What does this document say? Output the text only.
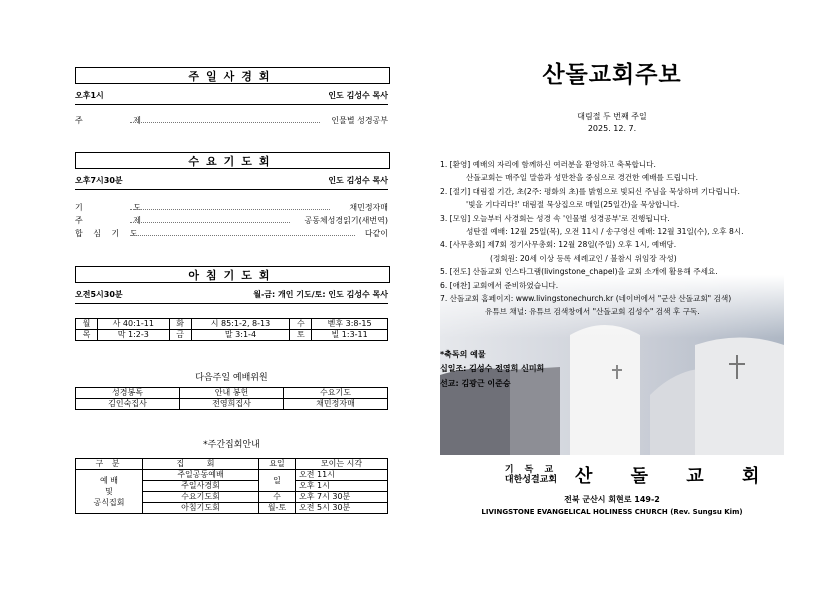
주일사경회
오후1시	인도 김성수 목사
주 제	인물별 성경공부
수요기도회
오후7시30분	인도 김성수 목사
기 도	채민정자매
주 제	공동체성경읽기(새번역)
합 심 기 도	다같이
아침기도회
오전5시30분	월-금: 개인 기도/토: 인도 김성수 목사
월	사 40:1-11	화	시 85:1-2, 8-13	수	벧후 3:8-15
목	막 1:2-3	금	말 3:1-4	토	빌 1:3-11
다음주일 예배위원
성경봉독	안내 봉헌	수요기도
김인숙집사	전영희집사	채민정자매
*주간집회안내
구 분	집 회	요일	모이는 시각
예 배
및
공식집회	주일공동예배	일	오전 11시
	주일사경회		오후 1시
	수요기도회	수	오후 7시 30분
	아침기도회	월-토	오전 5시 30분
산돌교회주보
대림절 두 번째 주일
2025. 12. 7.
1. [환영] 예배의 자리에 함께하신 여러분을 환영하고 축복합니다.
산돌교회는 매주일 말씀과 성만찬을 중심으로 경건한 예배를 드립니다.
2. [절기] 대림절 기간, 초(2주: 평화의 초)를 밝힘으로 빛되신 주님을 묵상하며 기다립니다.
'빛을 기다리다!' 대림절 묵상집으로 매일(25일간)을 묵상합니다.
3. [모임] 오늘부터 사경회는 성경 속 '인물별 성경공부'로 진행됩니다.
성탄절 예배: 12월 25일(목), 오전 11시 / 송구영신 예배: 12월 31일(수), 오후 8시.
4. [사무총회] 제7회 정기사무총회: 12월 28일(주일) 오후 1시, 예배당.
(정회원: 20세 이상 등록 세례교인 / 불참시 위임장 작성)
5. [전도] 산돌교회 인스타그램(livingstone_chapel)을 교회 소개에 활용해 주세요.
6. [애찬] 교회에서 준비하였습니다.
7. 산돌교회 홈페이지: www.livingstonechurch.kr (네이버에서 "군산 산돌교회" 검색)
유튜브 채널: 유튜브 검색창에서 "산돌교회 김성수" 검색 후 구독.
*축독의 예물
십일조: 김성수 전영희 신미희
선교: 김광근 이준승
기 독 교
대한성결교회 산 돌 교 회
전북 군산시 회현로 149-2
LIVINGSTONE EVANGELICAL HOLINESS CHURCH (Rev. Sungsu Kim)
